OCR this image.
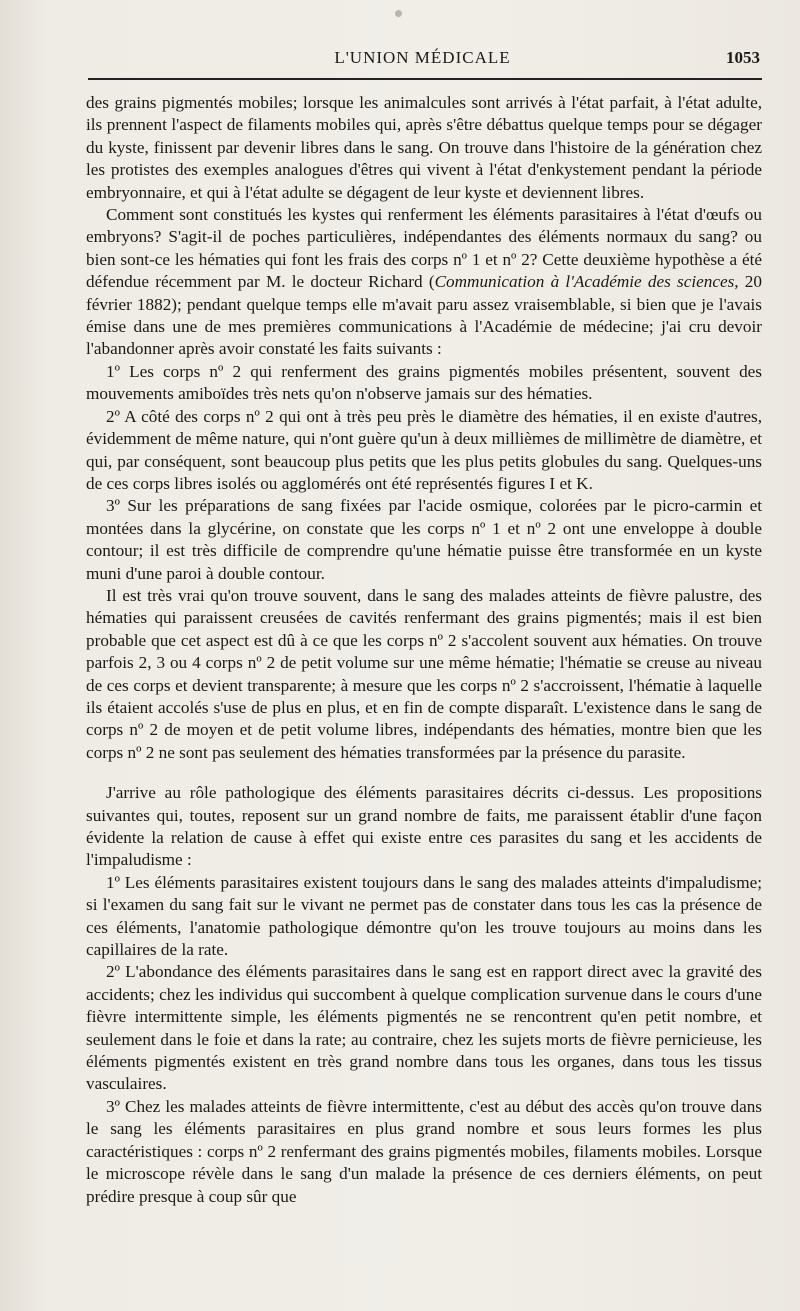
L'UNION MÉDICALE	1053

des grains pigmentés mobiles; lorsque les animalcules sont arrivés à l'état parfait, à l'état adulte, ils prennent l'aspect de filaments mobiles qui, après s'être débattus quelque temps pour se dégager du kyste, finissent par devenir libres dans le sang. On trouve dans l'histoire de la génération chez les protistes des exemples analogues d'êtres qui vivent à l'état d'enkystement pendant la période embryonnaire, et qui à l'état adulte se dégagent de leur kyste et deviennent libres.

Comment sont constitués les kystes qui renferment les éléments parasitaires à l'état d'œufs ou embryons? S'agit-il de poches particulières, indépendantes des éléments normaux du sang? ou bien sont-ce les hématies qui font les frais des corps nº 1 et nº 2? Cette deuxième hypothèse a été défendue récemment par M. le docteur Richard (Communication à l'Académie des sciences, 20 février 1882); pendant quelque temps elle m'avait paru assez vraisemblable, si bien que je l'avais émise dans une de mes premières communications à l'Académie de médecine; j'ai cru devoir l'abandonner après avoir constaté les faits suivants :

1º Les corps nº 2 qui renferment des grains pigmentés mobiles présentent, souvent des mouvements amiboïdes très nets qu'on n'observe jamais sur des hématies.

2º A côté des corps nº 2 qui ont à très peu près le diamètre des hématies, il en existe d'autres, évidemment de même nature, qui n'ont guère qu'un à deux millièmes de millimètre de diamètre, et qui, par conséquent, sont beaucoup plus petits que les plus petits globules du sang. Quelques-uns de ces corps libres isolés ou agglomérés ont été représentés figures I et K.

3º Sur les préparations de sang fixées par l'acide osmique, colorées par le picro-carmin et montées dans la glycérine, on constate que les corps nº 1 et nº 2 ont une enveloppe à double contour; il est très difficile de comprendre qu'une hématie puisse être transformée en un kyste muni d'une paroi à double contour.

Il est très vrai qu'on trouve souvent, dans le sang des malades atteints de fièvre palustre, des hématies qui paraissent creusées de cavités renfermant des grains pigmentés; mais il est bien probable que cet aspect est dû à ce que les corps nº 2 s'accolent souvent aux hématies. On trouve parfois 2, 3 ou 4 corps nº 2 de petit volume sur une même hématie; l'hématie se creuse au niveau de ces corps et devient transparente; à mesure que les corps nº 2 s'accroissent, l'hématie à laquelle ils étaient accolés s'use de plus en plus, et en fin de compte disparaît. L'existence dans le sang de corps nº 2 de moyen et de petit volume libres, indépendants des hématies, montre bien que les corps nº 2 ne sont pas seulement des hématies transformées par la présence du parasite.

J'arrive au rôle pathologique des éléments parasitaires décrits ci-dessus. Les propositions suivantes qui, toutes, reposent sur un grand nombre de faits, me paraissent établir d'une façon évidente la relation de cause à effet qui existe entre ces parasites du sang et les accidents de l'impaludisme :

1º Les éléments parasitaires existent toujours dans le sang des malades atteints d'impaludisme; si l'examen du sang fait sur le vivant ne permet pas de constater dans tous les cas la présence de ces éléments, l'anatomie pathologique démontre qu'on les trouve toujours au moins dans les capillaires de la rate.

2º L'abondance des éléments parasitaires dans le sang est en rapport direct avec la gravité des accidents; chez les individus qui succombent à quelque complication survenue dans le cours d'une fièvre intermittente simple, les éléments pigmentés ne se rencontrent qu'en petit nombre, et seulement dans le foie et dans la rate; au contraire, chez les sujets morts de fièvre pernicieuse, les éléments pigmentés existent en très grand nombre dans tous les organes, dans tous les tissus vasculaires.

3º Chez les malades atteints de fièvre intermittente, c'est au début des accès qu'on trouve dans le sang les éléments parasitaires en plus grand nombre et sous leurs formes les plus caractéristiques : corps nº 2 renfermant des grains pigmentés mobiles, filaments mobiles. Lorsque le microscope révèle dans le sang d'un malade la présence de ces derniers éléments, on peut prédire presque à coup sûr que
